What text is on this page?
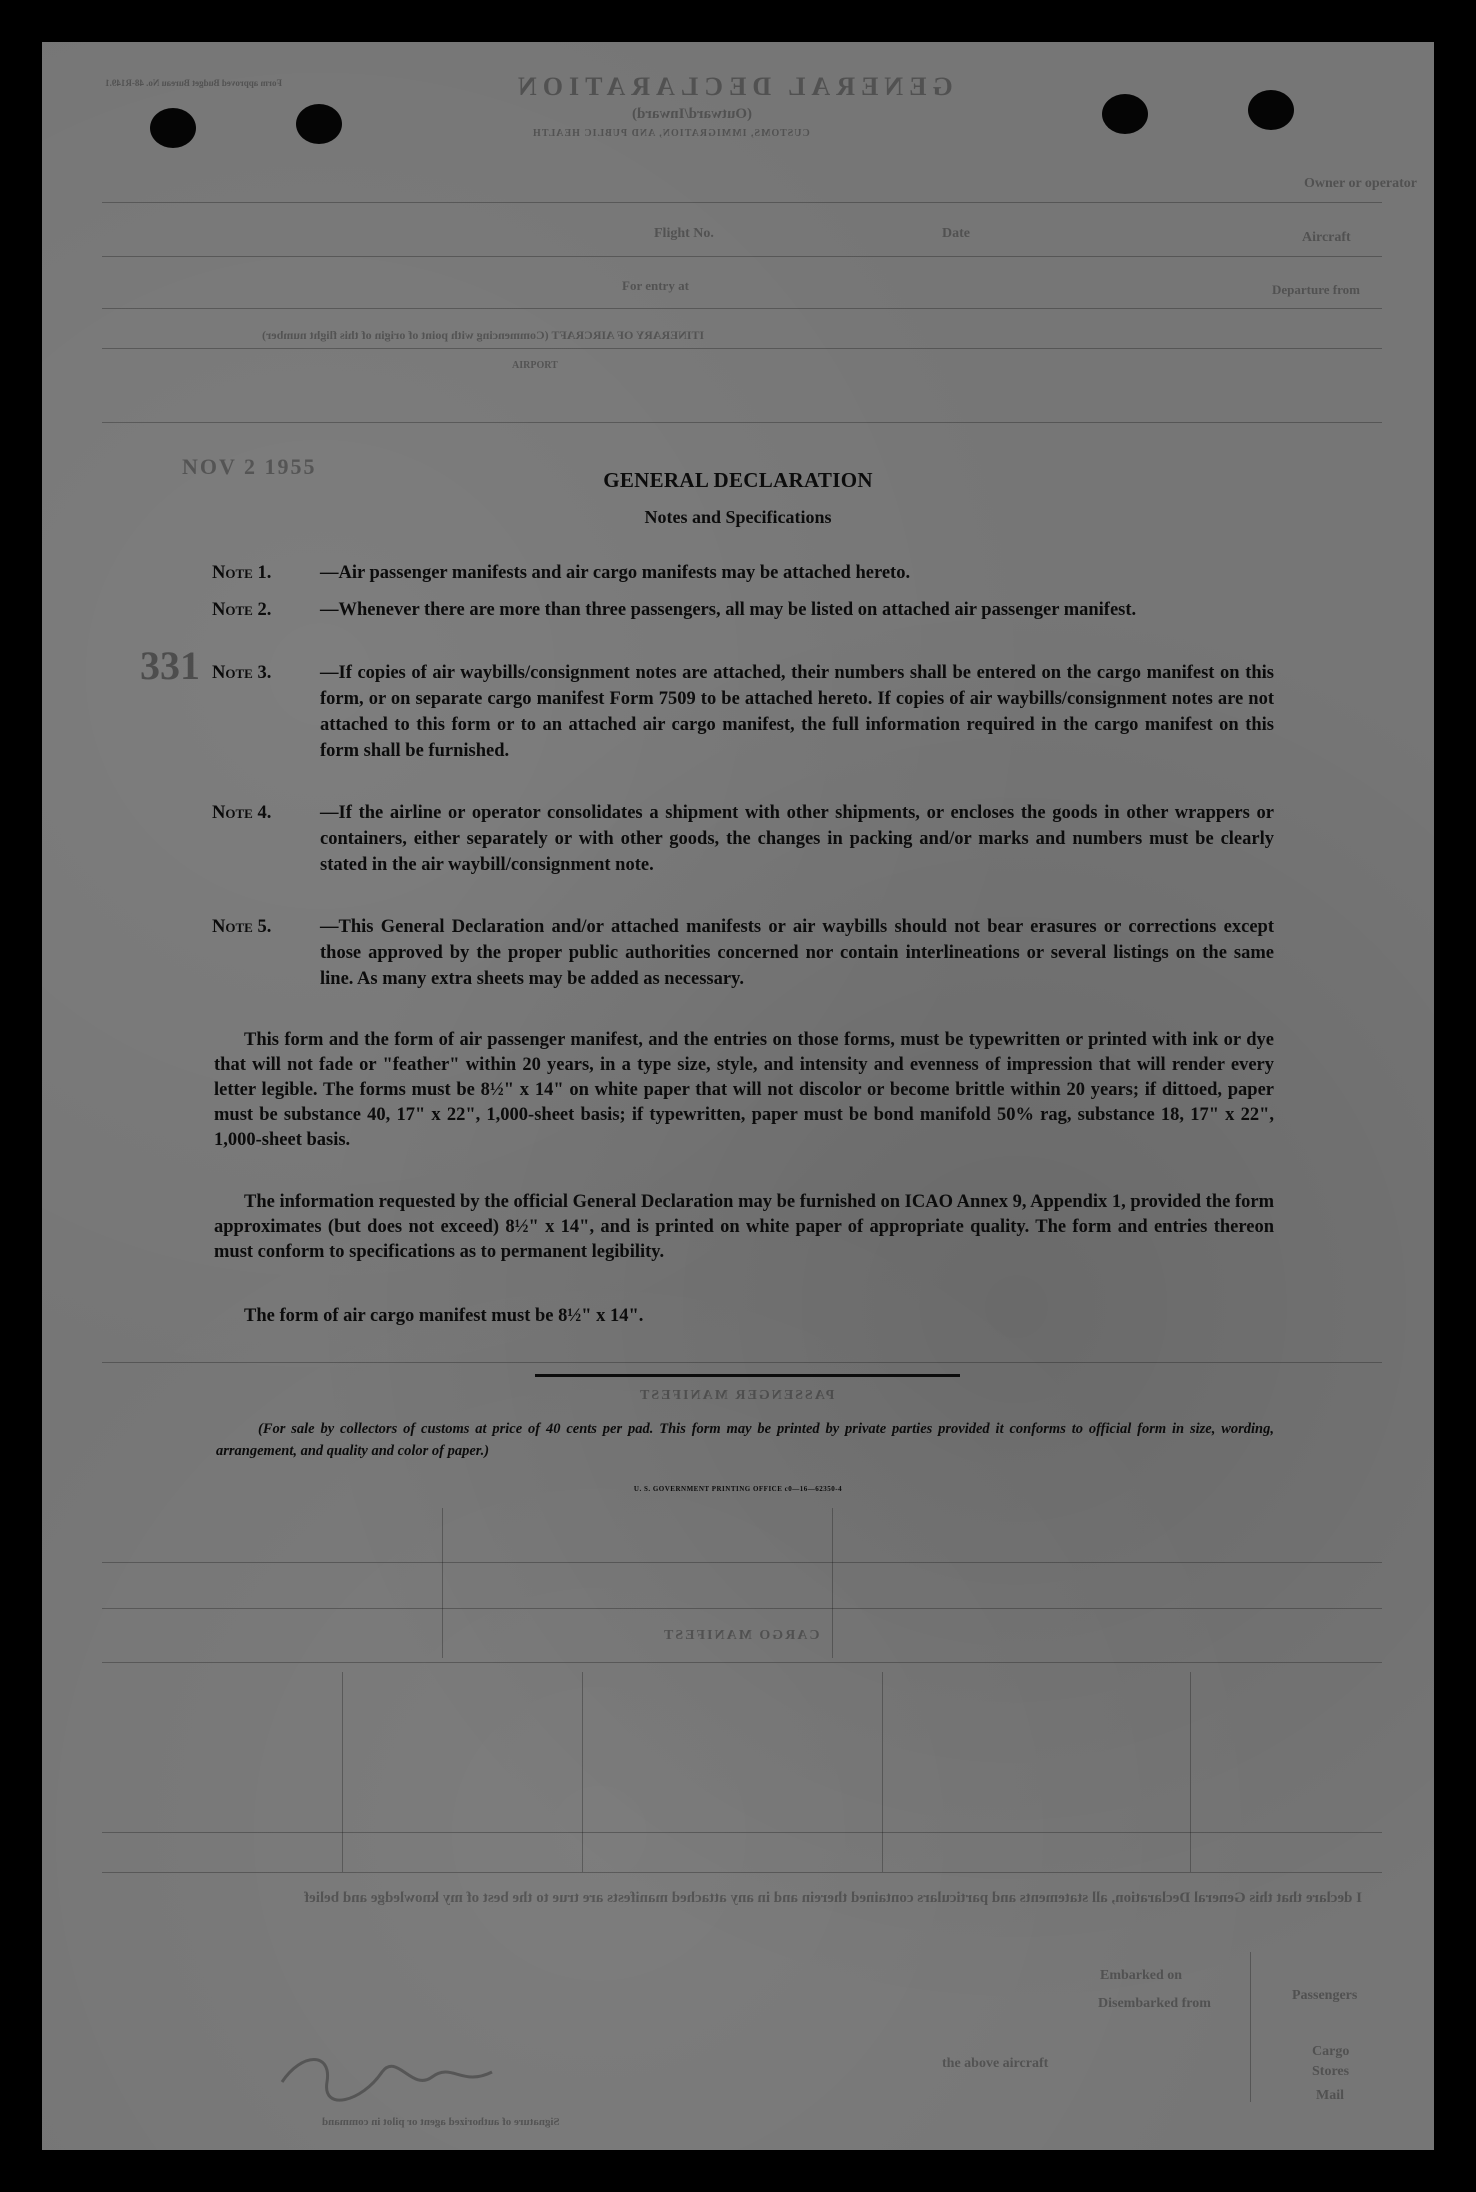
GENERAL DECLARATION
(Outward/Inward)
CUSTOMS, IMMIGRATION, AND PUBLIC HEALTH
Form approved Budget Bureau No. 48-R149.1
Owner or operator
Aircraft
Flight No.	Date
Departure from
For entry at
ITINERARY OF AIRCRAFT (Commencing with point of origin of this flight number)
AIRPORT
331
NOV 2 1955
PASSENGER MANIFEST
CARGO MANIFEST
I declare that this General Declaration, all statements and particulars contained therein and in any attached manifests are true to the best of my knowledge and belief
Embarked on
Passengers
Disembarked from
the above aircraft
Cargo
Stores
Mail
Signature of authorized agent or pilot in command
GENERAL DECLARATION
Notes and Specifications
Note 1.	—Air passenger manifests and air cargo manifests may be attached hereto.
Note 2.	—Whenever there are more than three passengers, all may be listed on attached air passenger manifest.
Note 3.	—If copies of air waybills/consignment notes are attached, their numbers shall be entered on the cargo manifest on this form, or on separate cargo manifest Form 7509 to be attached hereto. If copies of air waybills/consignment notes are not attached to this form or to an attached air cargo manifest, the full information required in the cargo manifest on this form shall be furnished.
Note 4.	—If the airline or operator consolidates a shipment with other shipments, or encloses the goods in other wrappers or containers, either separately or with other goods, the changes in packing and/or marks and numbers must be clearly stated in the air waybill/consignment note.
Note 5.	—This General Declaration and/or attached manifests or air waybills should not bear erasures or corrections except those approved by the proper public authorities concerned nor contain interlineations or several listings on the same line. As many extra sheets may be added as necessary.
This form and the form of air passenger manifest, and the entries on those forms, must be typewritten or printed with ink or dye that will not fade or "feather" within 20 years, in a type size, style, and intensity and evenness of impression that will render every letter legible. The forms must be 8½" x 14" on white paper that will not discolor or become brittle within 20 years; if dittoed, paper must be substance 40, 17" x 22", 1,000-sheet basis; if typewritten, paper must be bond manifold 50% rag, substance 18, 17" x 22", 1,000-sheet basis.
The information requested by the official General Declaration may be furnished on ICAO Annex 9, Appendix 1, provided the form approximates (but does not exceed) 8½" x 14", and is printed on white paper of appropriate quality. The form and entries thereon must conform to specifications as to permanent legibility.
The form of air cargo manifest must be 8½" x 14".
(For sale by collectors of customs at price of 40 cents per pad. This form may be printed by private parties provided it conforms to official form in size, wording, arrangement, and quality and color of paper.)
U. S. GOVERNMENT PRINTING OFFICE c0—16—62350-4
